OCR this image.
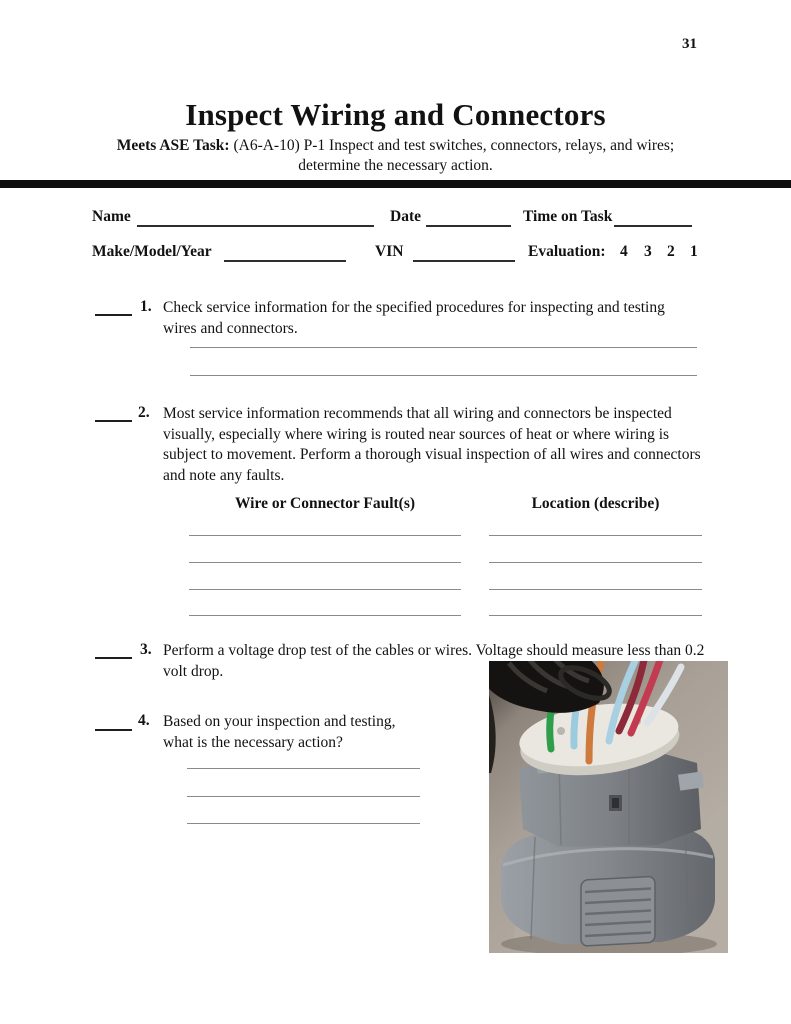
31
Inspect Wiring and Connectors
Meets ASE Task: (A6-A-10) P-1 Inspect and test switches, connectors, relays, and wires;
determine the necessary action.
Name	Date	Time on Task
Make/Model/Year	VIN	Evaluation: 4 3 2 1
1. Check service information for the specified procedures for inspecting and testing wires and connectors.
2. Most service information recommends that all wiring and connectors be inspected visually, especially where wiring is routed near sources of heat or where wiring is subject to movement. Perform a thorough visual inspection of all wires and connectors and note any faults.
Wire or Connector Fault(s)	Location (describe)
3. Perform a voltage drop test of the cables or wires. Voltage should measure less than 0.2 volt drop.
4. Based on your inspection and testing, what is the necessary action?
